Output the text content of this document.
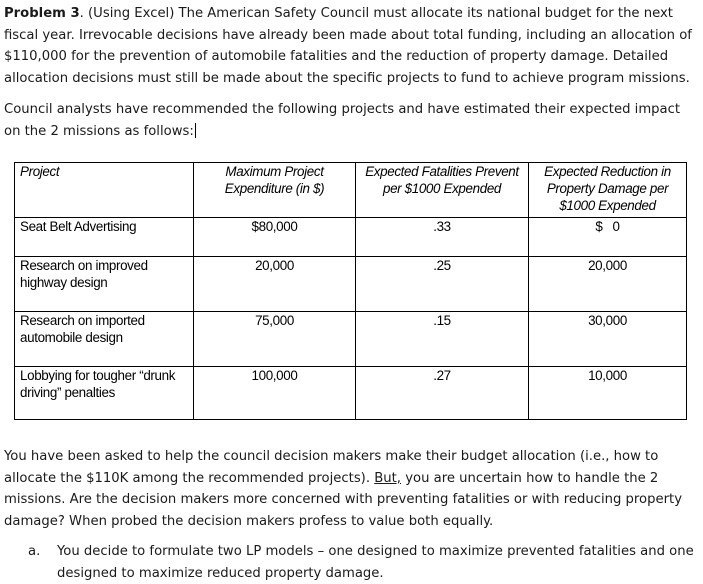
Problem 3. (Using Excel) The American Safety Council must allocate its national budget for the next fiscal year. Irrevocable decisions have already been made about total funding, including an allocation of $110,000 for the prevention of automobile fatalities and the reduction of property damage. Detailed allocation decisions must still be made about the specific projects to fund to achieve program missions.

Council analysts have recommended the following projects and have estimated their expected impact on the 2 missions as follows:

Project	Maximum Project Expenditure (in $)	Expected Fatalities Prevent per $1000 Expended	Expected Reduction in Property Damage per $1000 Expended
Seat Belt Advertising	$80,000	.33	$   0
Research on improved highway design	20,000	.25	20,000
Research on imported automobile design	75,000	.15	30,000
Lobbying for tougher “drunk driving” penalties	100,000	.27	10,000

You have been asked to help the council decision makers make their budget allocation (i.e., how to allocate the $110K among the recommended projects). But, you are uncertain how to handle the 2 missions. Are the decision makers more concerned with preventing fatalities or with reducing property damage? When probed the decision makers profess to value both equally.

a. You decide to formulate two LP models – one designed to maximize prevented fatalities and one designed to maximize reduced property damage.
